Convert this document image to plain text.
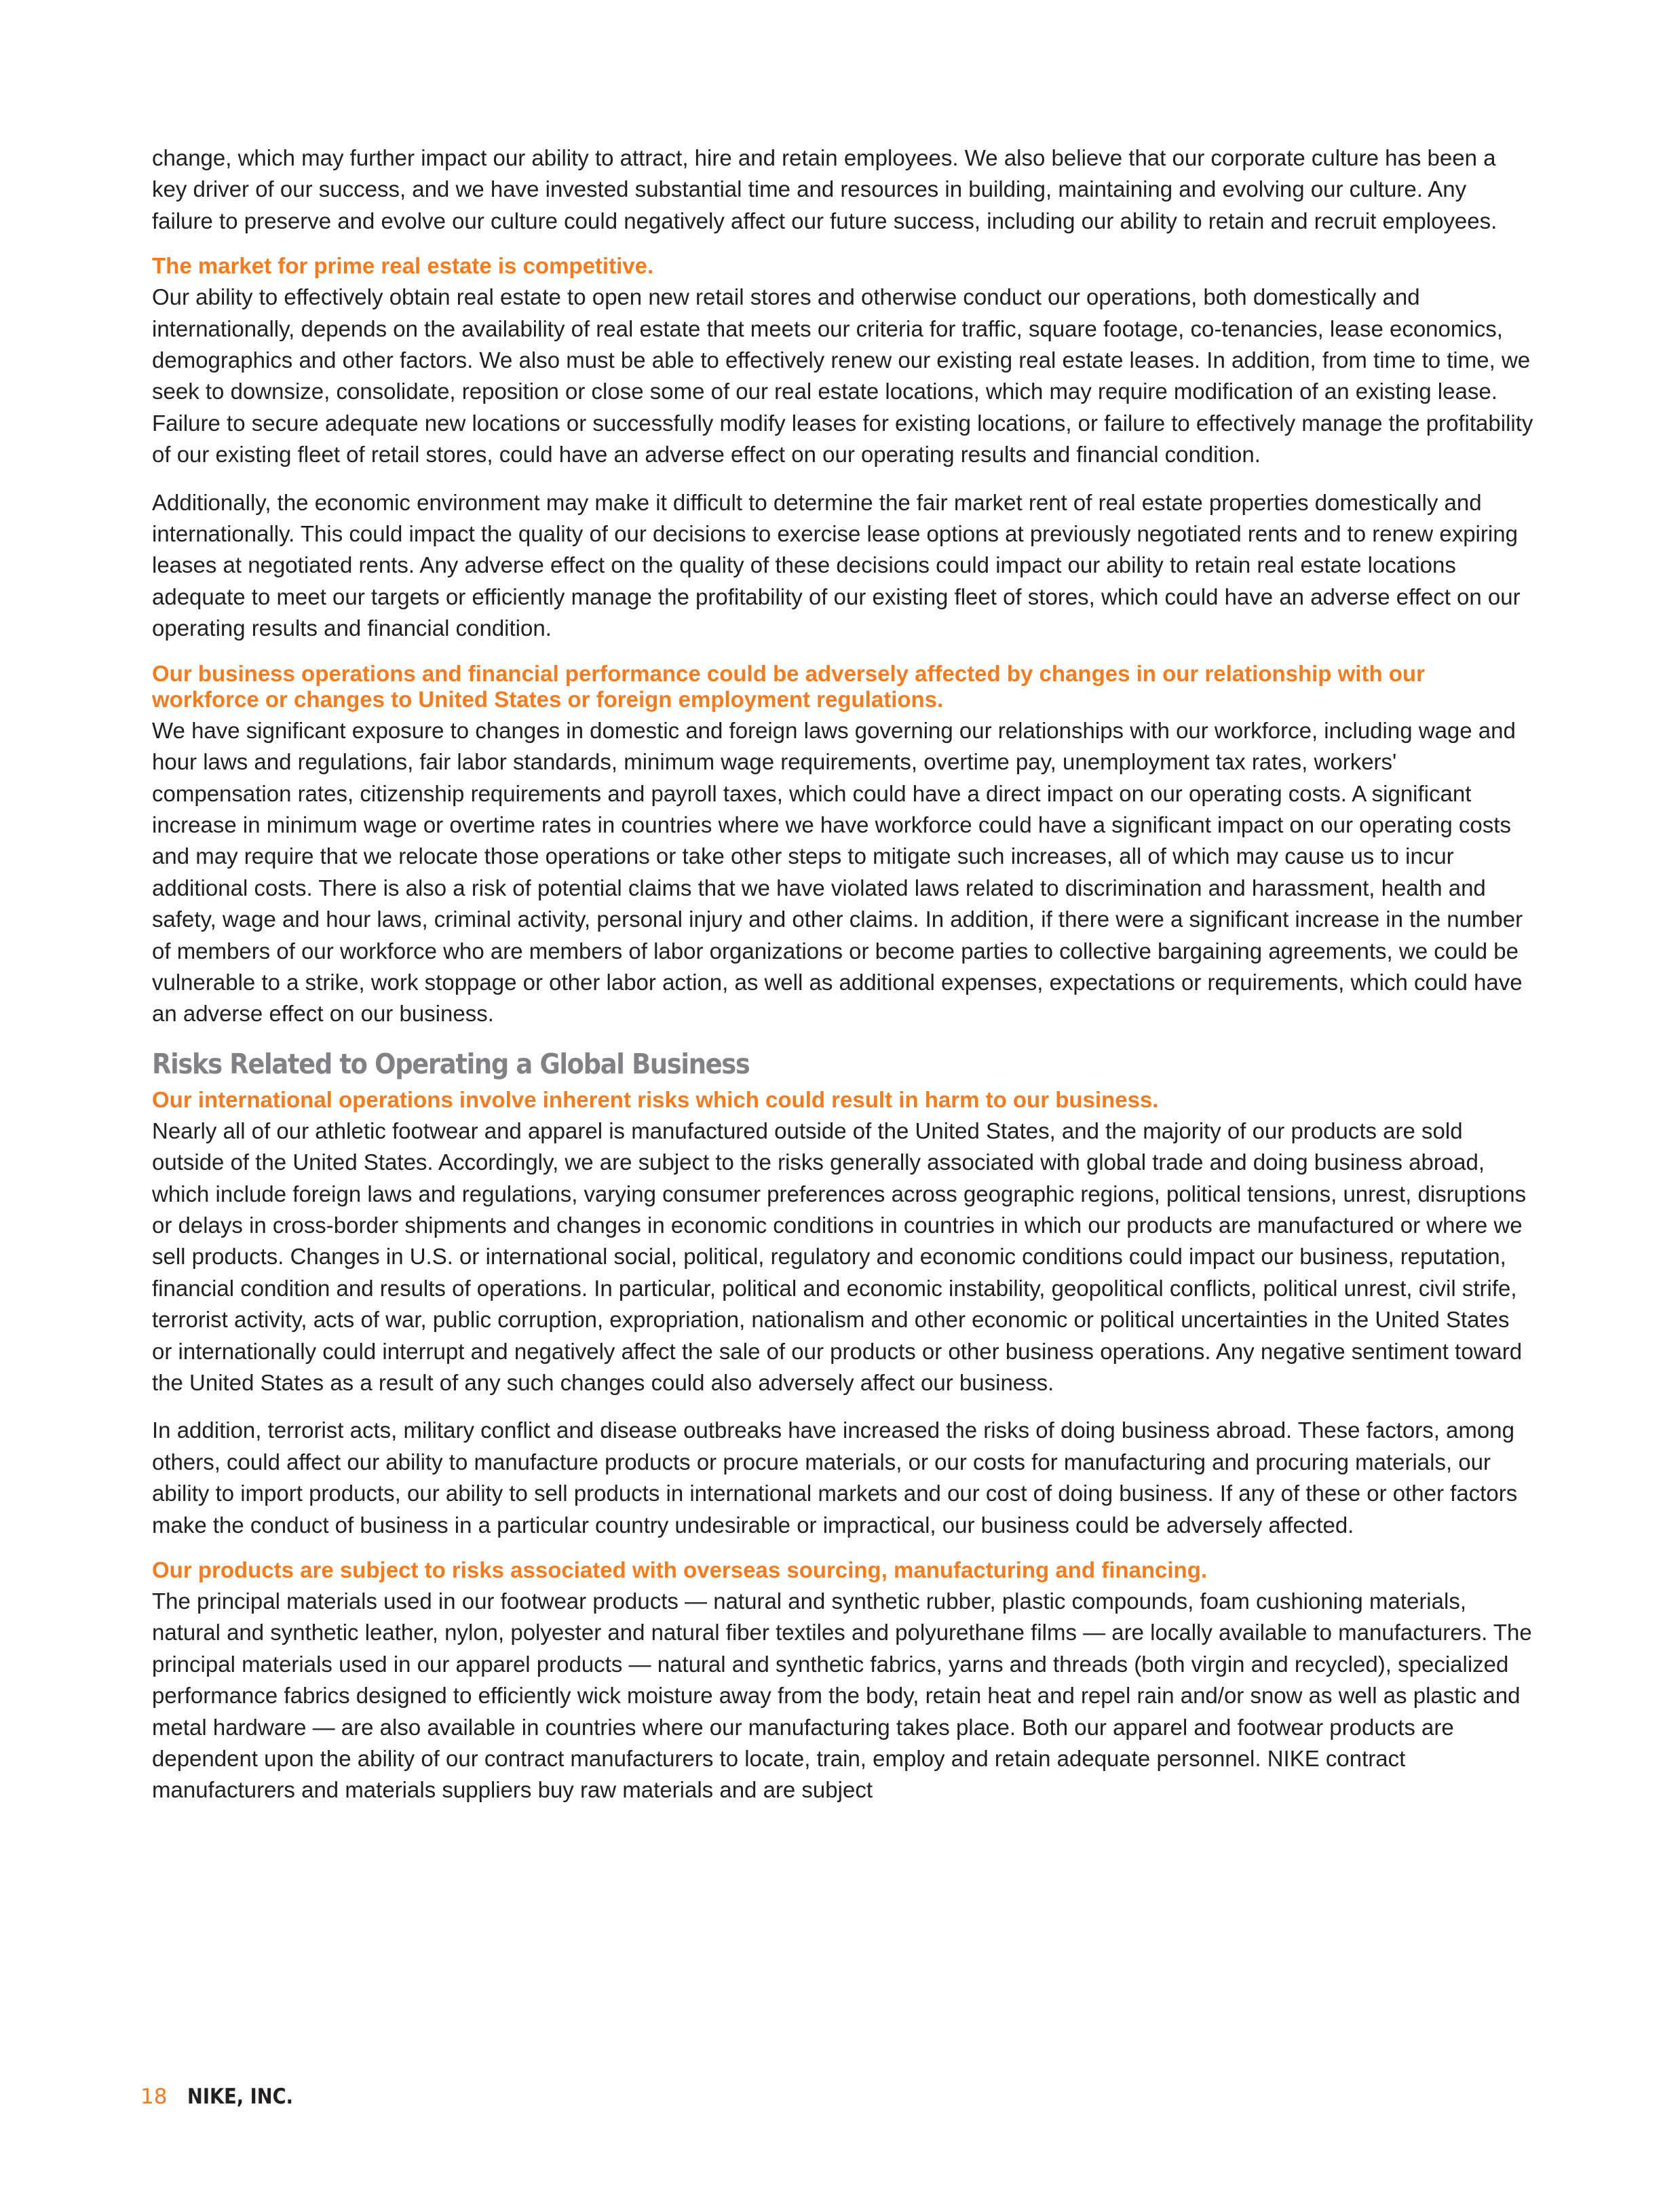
change, which may further impact our ability to attract, hire and retain employees. We also believe that our corporate culture has been a key driver of our success, and we have invested substantial time and resources in building, maintaining and evolving our culture. Any failure to preserve and evolve our culture could negatively affect our future success, including our ability to retain and recruit employees.

The market for prime real estate is competitive.

Our ability to effectively obtain real estate to open new retail stores and otherwise conduct our operations, both domestically and internationally, depends on the availability of real estate that meets our criteria for traffic, square footage, co-tenancies, lease economics, demographics and other factors. We also must be able to effectively renew our existing real estate leases. In addition, from time to time, we seek to downsize, consolidate, reposition or close some of our real estate locations, which may require modification of an existing lease. Failure to secure adequate new locations or successfully modify leases for existing locations, or failure to effectively manage the profitability of our existing fleet of retail stores, could have an adverse effect on our operating results and financial condition.

Additionally, the economic environment may make it difficult to determine the fair market rent of real estate properties domestically and internationally. This could impact the quality of our decisions to exercise lease options at previously negotiated rents and to renew expiring leases at negotiated rents. Any adverse effect on the quality of these decisions could impact our ability to retain real estate locations adequate to meet our targets or efficiently manage the profitability of our existing fleet of stores, which could have an adverse effect on our operating results and financial condition.

Our business operations and financial performance could be adversely affected by changes in our relationship with our workforce or changes to United States or foreign employment regulations.

We have significant exposure to changes in domestic and foreign laws governing our relationships with our workforce, including wage and hour laws and regulations, fair labor standards, minimum wage requirements, overtime pay, unemployment tax rates, workers' compensation rates, citizenship requirements and payroll taxes, which could have a direct impact on our operating costs. A significant increase in minimum wage or overtime rates in countries where we have workforce could have a significant impact on our operating costs and may require that we relocate those operations or take other steps to mitigate such increases, all of which may cause us to incur additional costs. There is also a risk of potential claims that we have violated laws related to discrimination and harassment, health and safety, wage and hour laws, criminal activity, personal injury and other claims. In addition, if there were a significant increase in the number of members of our workforce who are members of labor organizations or become parties to collective bargaining agreements, we could be vulnerable to a strike, work stoppage or other labor action, as well as additional expenses, expectations or requirements, which could have an adverse effect on our business.

Risks Related to Operating a Global Business
Our international operations involve inherent risks which could result in harm to our business.

Nearly all of our athletic footwear and apparel is manufactured outside of the United States, and the majority of our products are sold outside of the United States. Accordingly, we are subject to the risks generally associated with global trade and doing business abroad, which include foreign laws and regulations, varying consumer preferences across geographic regions, political tensions, unrest, disruptions or delays in cross-border shipments and changes in economic conditions in countries in which our products are manufactured or where we sell products. Changes in U.S. or international social, political, regulatory and economic conditions could impact our business, reputation, financial condition and results of operations. In particular, political and economic instability, geopolitical conflicts, political unrest, civil strife, terrorist activity, acts of war, public corruption, expropriation, nationalism and other economic or political uncertainties in the United States or internationally could interrupt and negatively affect the sale of our products or other business operations. Any negative sentiment toward the United States as a result of any such changes could also adversely affect our business.

In addition, terrorist acts, military conflict and disease outbreaks have increased the risks of doing business abroad. These factors, among others, could affect our ability to manufacture products or procure materials, or our costs for manufacturing and procuring materials, our ability to import products, our ability to sell products in international markets and our cost of doing business. If any of these or other factors make the conduct of business in a particular country undesirable or impractical, our business could be adversely affected.

Our products are subject to risks associated with overseas sourcing, manufacturing and financing.

The principal materials used in our footwear products — natural and synthetic rubber, plastic compounds, foam cushioning materials, natural and synthetic leather, nylon, polyester and natural fiber textiles and polyurethane films — are locally available to manufacturers. The principal materials used in our apparel products — natural and synthetic fabrics, yarns and threads (both virgin and recycled), specialized performance fabrics designed to efficiently wick moisture away from the body, retain heat and repel rain and/or snow as well as plastic and metal hardware — are also available in countries where our manufacturing takes place. Both our apparel and footwear products are dependent upon the ability of our contract manufacturers to locate, train, employ and retain adequate personnel. NIKE contract manufacturers and materials suppliers buy raw materials and are subject

18 NIKE, INC.
